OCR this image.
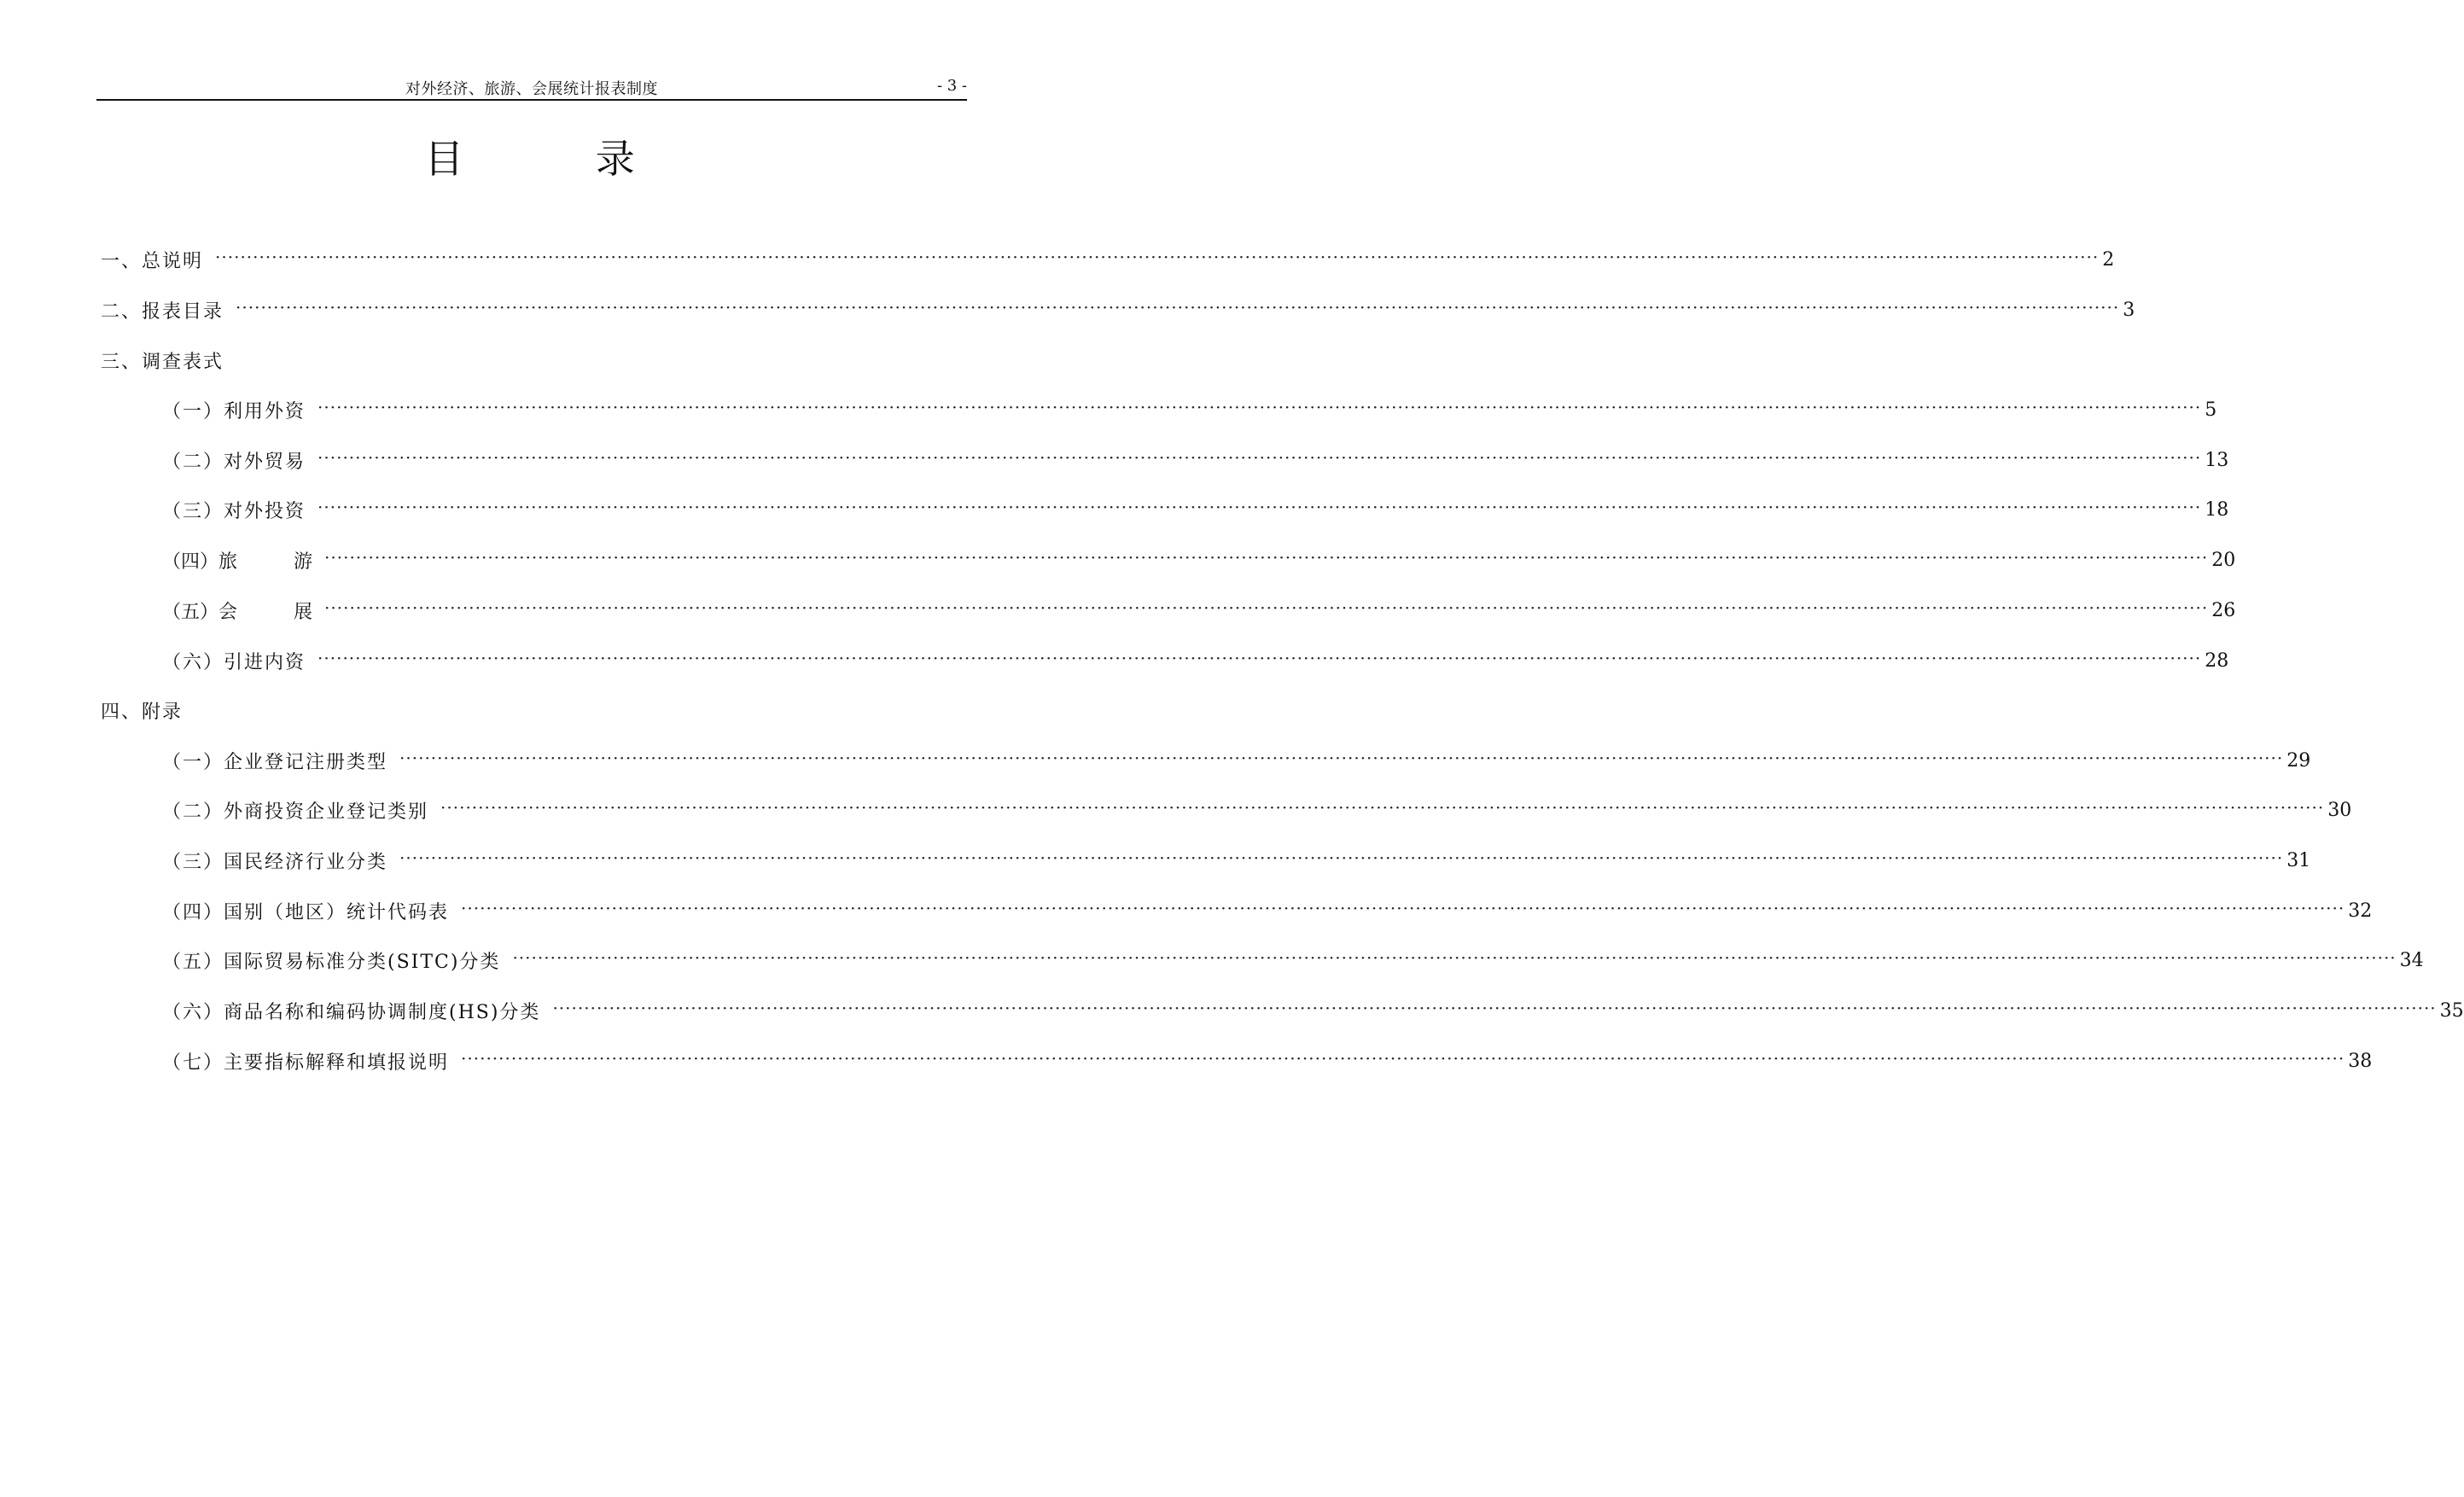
对外经济、旅游、会展统计报表制度	- 3 -
目 录
一、总说明 ············································································································································································································································································································ 2
二、报表目录 ············································································································································································································································································································ 3
三、调查表式
（一）利用外资 ············································································································································································································································································································ 5
（二）对外贸易 ············································································································································································································································································································ 13
（三）对外投资 ············································································································································································································································································································ 18
（四）旅	游 ············································································································································································································································································································ 20
（五）会	展 ············································································································································································································································································································ 26
（六）引进内资 ············································································································································································································································································································ 28
四、附录
（一）企业登记注册类型 ············································································································································································································································································································ 29
（二）外商投资企业登记类别 ············································································································································································································································································································ 30
（三）国民经济行业分类 ············································································································································································································································································································ 31
（四）国别（地区）统计代码表 ············································································································································································································································································································ 32
（五）国际贸易标准分类(SITC)分类 ············································································································································································································································································································ 34
（六）商品名称和编码协调制度(HS)分类 ············································································································································································································································································································ 35
（七）主要指标解释和填报说明 ············································································································································································································································································································ 38
